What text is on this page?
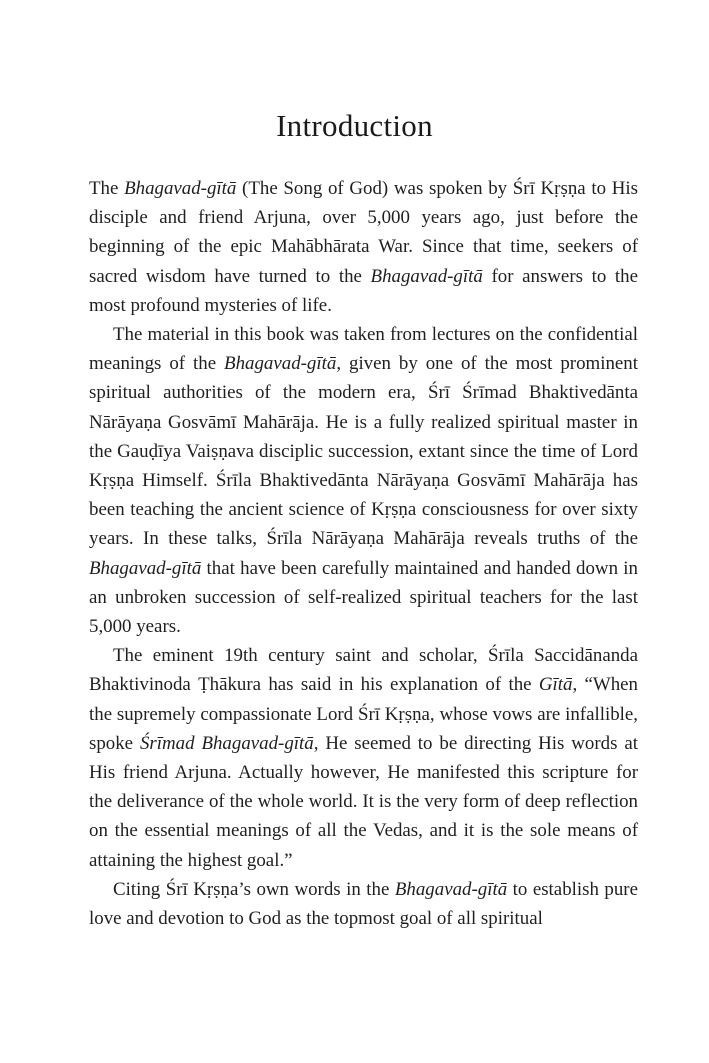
Introduction

The Bhagavad-gītā (The Song of God) was spoken by Śrī Kṛṣṇa to His disciple and friend Arjuna, over 5,000 years ago, just before the beginning of the epic Mahābhārata War. Since that time, seekers of sacred wisdom have turned to the Bhagavad-gītā for answers to the most profound mysteries of life.

The material in this book was taken from lectures on the confidential meanings of the Bhagavad-gītā, given by one of the most prominent spiritual authorities of the modern era, Śrī Śrīmad Bhaktivedānta Nārāyaṇa Gosvāmī Mahārāja. He is a fully realized spiritual master in the Gauḍīya Vaiṣṇava disciplic succession, extant since the time of Lord Kṛṣṇa Himself. Śrīla Bhaktivedānta Nārāyaṇa Gosvāmī Mahārāja has been teaching the ancient science of Kṛṣṇa consciousness for over sixty years. In these talks, Śrīla Nārāyaṇa Mahārāja reveals truths of the Bhagavad-gītā that have been carefully maintained and handed down in an unbroken succession of self-realized spiritual teachers for the last 5,000 years.

The eminent 19th century saint and scholar, Śrīla Saccidānanda Bhaktivinoda Ṭhākura has said in his explanation of the Gītā, “When the supremely compassionate Lord Śrī Kṛṣṇa, whose vows are infallible, spoke Śrīmad Bhagavad-gītā, He seemed to be directing His words at His friend Arjuna. Actually however, He manifested this scripture for the deliverance of the whole world. It is the very form of deep reflection on the essential meanings of all the Vedas, and it is the sole means of attaining the highest goal.”

Citing Śrī Kṛṣṇa’s own words in the Bhagavad-gītā to establish pure love and devotion to God as the topmost goal of all spiritual
